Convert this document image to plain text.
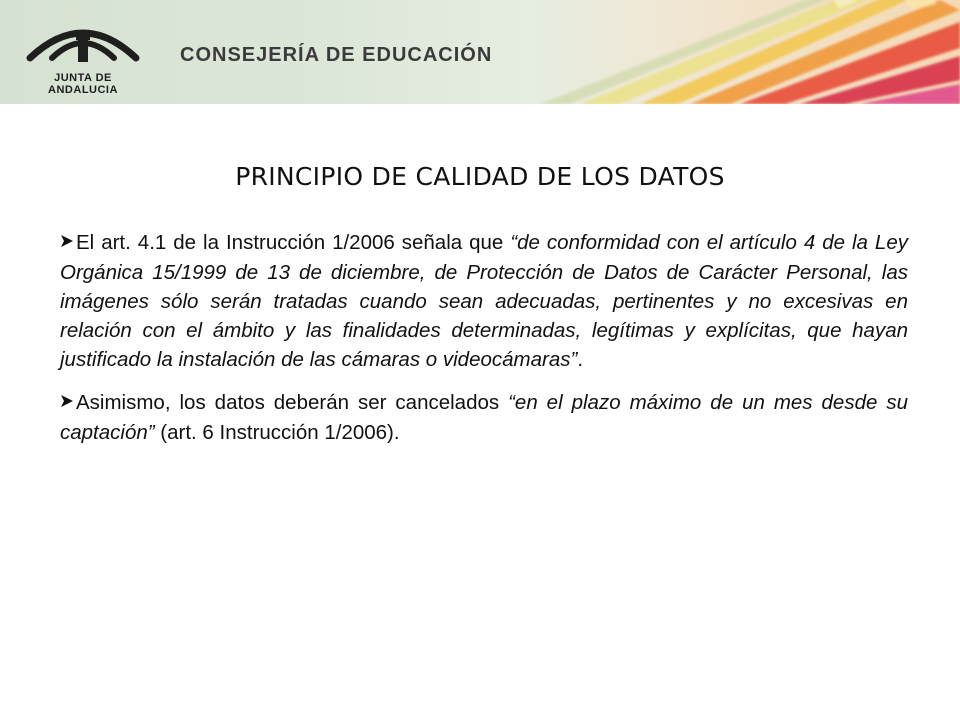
JUNTA DE ANDALUCIA
CONSEJERÍA DE EDUCACIÓN
PRINCIPIO DE CALIDAD DE LOS DATOS

El art. 4.1 de la Instrucción 1/2006 señala que “de conformidad con el artículo 4 de la Ley Orgánica 15/1999 de 13 de diciembre, de Protección de Datos de Carácter Personal, las imágenes sólo serán tratadas cuando sean adecuadas, pertinentes y no excesivas en relación con el ámbito y las finalidades determinadas, legítimas y explícitas, que hayan justificado la instalación de las cámaras o videocámaras”.

Asimismo, los datos deberán ser cancelados “en el plazo máximo de un mes desde su captación” (art. 6 Instrucción 1/2006).
